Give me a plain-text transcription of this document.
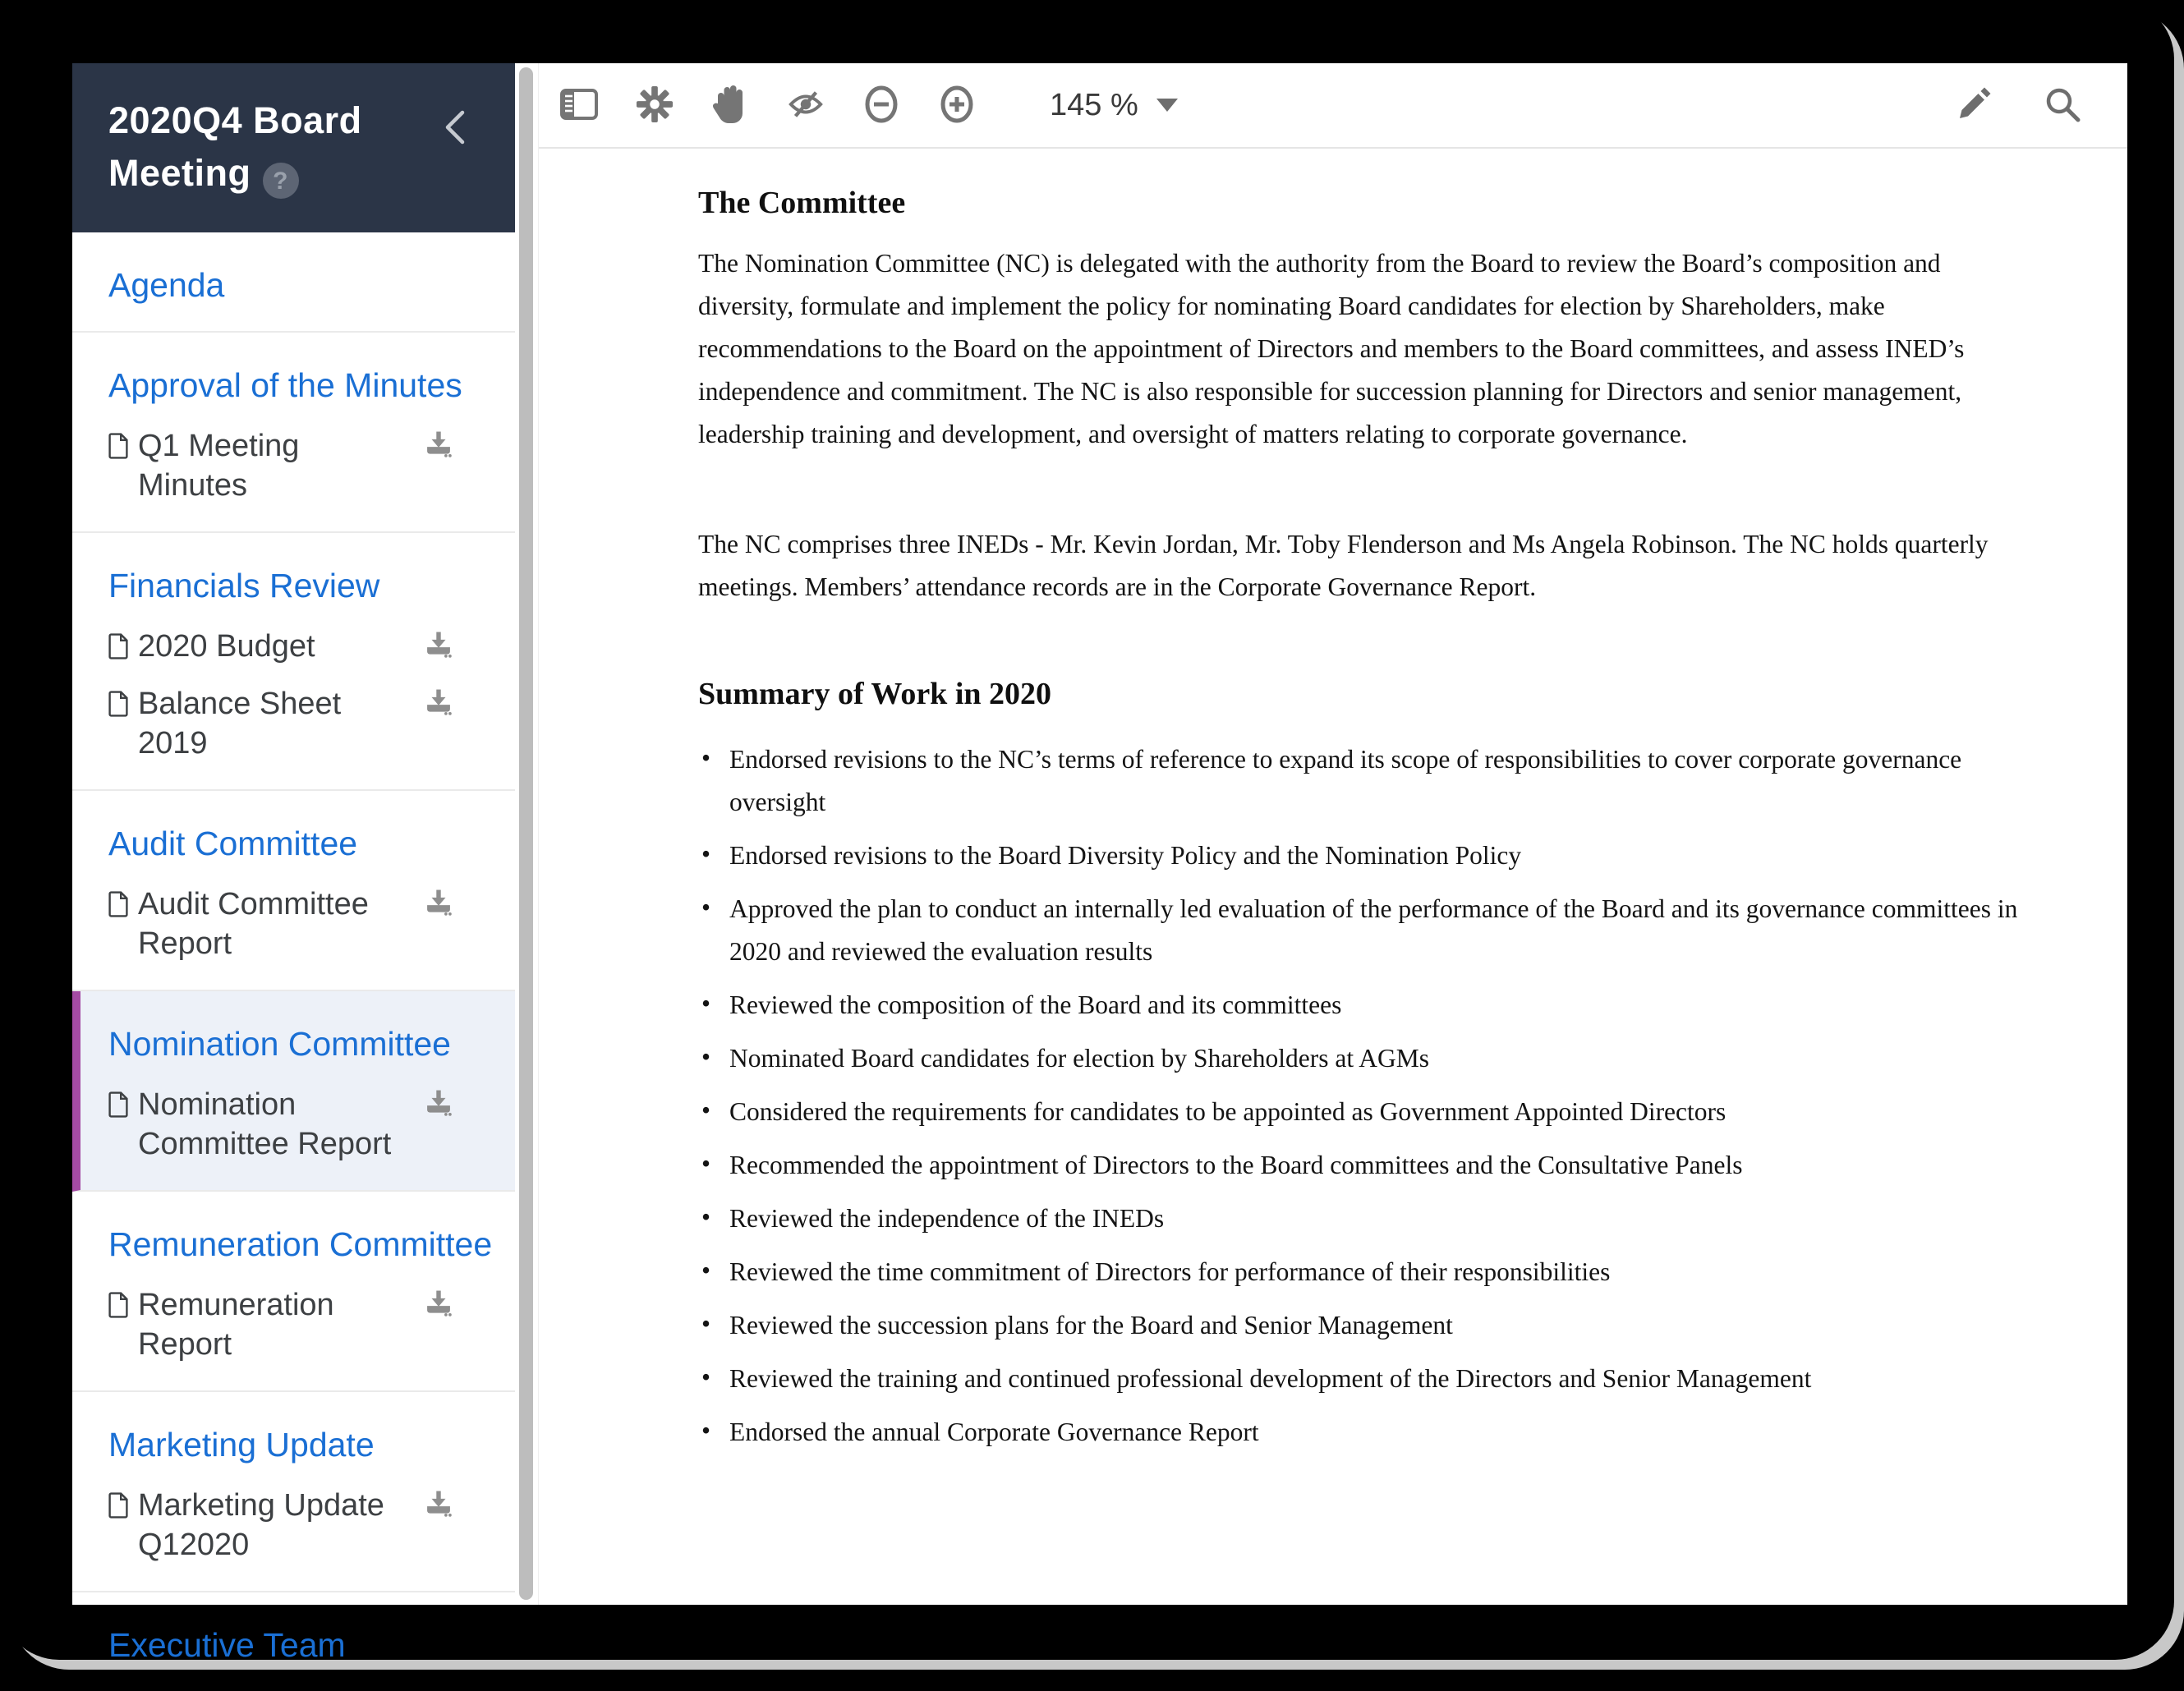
2020Q4 Board Meeting ?
Agenda
Approval of the Minutes
Q1 Meeting Minutes
Financials Review
2020 Budget
Balance Sheet 2019
Audit Committee
Audit Committee Report
Nomination Committee
Nomination Committee Report
Remuneration Committee
Remuneration Report
Marketing Update
Marketing Update Q12020
Executive Team
145 %
The Committee

The Nomination Committee (NC) is delegated with the authority from the Board to review the Board’s composition and diversity, formulate and implement the policy for nominating Board candidates for election by Shareholders, make recommendations to the Board on the appointment of Directors and members to the Board committees, and assess INED’s independence and commitment. The NC is also responsible for succession planning for Directors and senior management, leadership training and development, and oversight of matters relating to corporate governance.

The NC comprises three INEDs - Mr. Kevin Jordan, Mr. Toby Flenderson and Ms Angela Robinson. The NC holds quarterly meetings. Members’ attendance records are in the Corporate Governance Report.

Summary of Work in 2020
• Endorsed revisions to the NC’s terms of reference to expand its scope of responsibilities to cover corporate governance oversight
• Endorsed revisions to the Board Diversity Policy and the Nomination Policy
• Approved the plan to conduct an internally led evaluation of the performance of the Board and its governance committees in 2020 and reviewed the evaluation results
• Reviewed the composition of the Board and its committees
• Nominated Board candidates for election by Shareholders at AGMs
• Considered the requirements for candidates to be appointed as Government Appointed Directors
• Recommended the appointment of Directors to the Board committees and the Consultative Panels
• Reviewed the independence of the INEDs
• Reviewed the time commitment of Directors for performance of their responsibilities
• Reviewed the succession plans for the Board and Senior Management
• Reviewed the training and continued professional development of the Directors and Senior Management
• Endorsed the annual Corporate Governance Report
